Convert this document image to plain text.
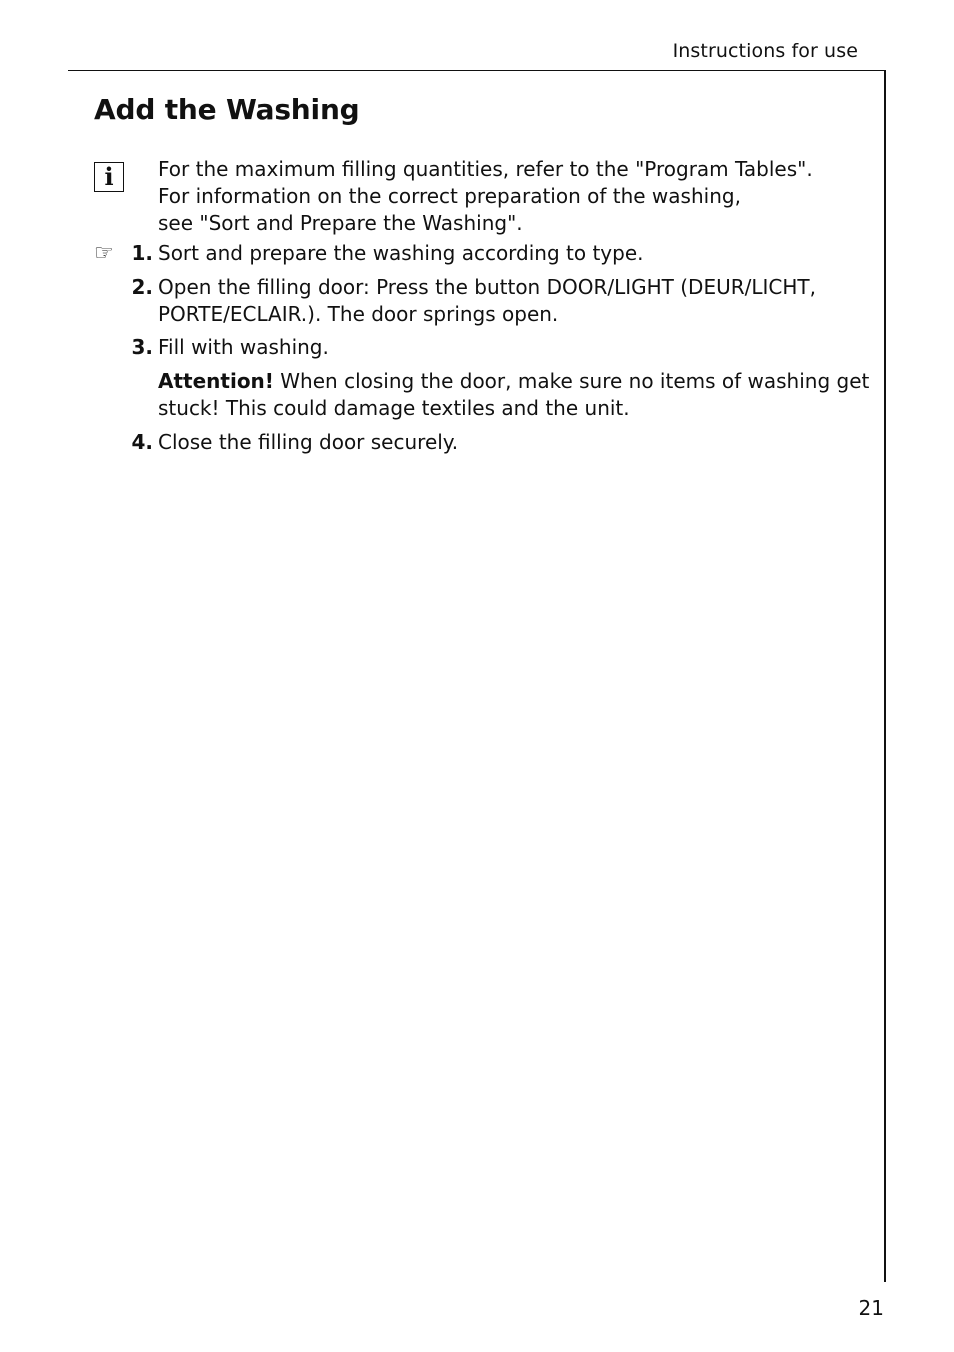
Instructions for use
Add the Washing
i	For the maximum filling quantities, refer to the "Program Tables".
For information on the correct preparation of the washing,
see "Sort and Prepare the Washing".
☞ 1. Sort and prepare the washing according to type.
2. Open the filling door: Press the button DOOR/LIGHT (DEUR/LICHT,
PORTE/ECLAIR.). The door springs open.
3. Fill with washing.
Attention! When closing the door, make sure no items of washing get
stuck! This could damage textiles and the unit.
4. Close the filling door securely.
21
